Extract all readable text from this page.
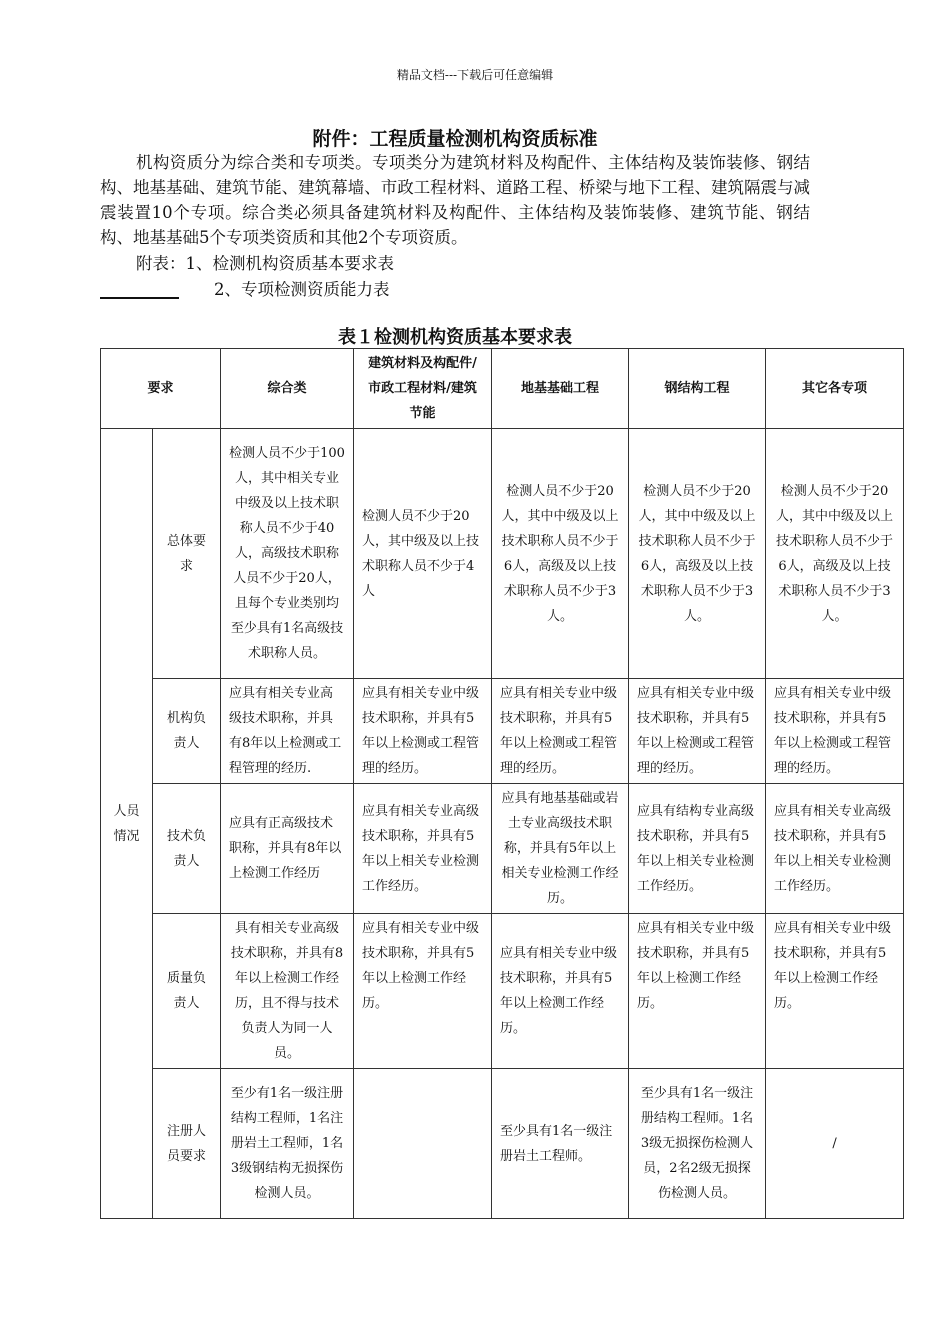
精品文档---下载后可任意编辑
附件：工程质量检测机构资质标准

机构资质分为综合类和专项类。专项类分为建筑材料及构配件、主体结构及装饰装修、钢结构、地基基础、建筑节能、建筑幕墙、市政工程材料、道路工程、桥梁与地下工程、建筑隔震与减震装置10个专项。综合类必须具备建筑材料及构配件、主体结构及装饰装修、建筑节能、钢结构、地基基础5个专项类资质和其他2个专项资质。

附表：1、检测机构资质基本要求表
2、专项检测资质能力表
表１检测机构资质基本要求表
要求		综合类	建筑材料及构配件/市政工程材料/建筑节能	地基基础工程	钢结构工程	其它各专项
人员情况	总体要求	检测人员不少于100人，其中相关专业中级及以上技术职称人员不少于40人，高级技术职称人员不少于20人，且每个专业类别均至少具有1名高级技术职称人员。	检测人员不少于20人，其中级及以上技术职称人员不少于4人	检测人员不少于20人，其中中级及以上技术职称人员不少于6人，高级及以上技术职称人员不少于3人。	检测人员不少于20人，其中中级及以上技术职称人员不少于6人，高级及以上技术职称人员不少于3人。	检测人员不少于20人，其中中级及以上技术职称人员不少于6人，高级及以上技术职称人员不少于3人。
	机构负责人	应具有相关专业高级技术职称，并具有8年以上检测或工程管理的经历.	应具有相关专业中级技术职称，并具有5年以上检测或工程管理的经历。	应具有相关专业中级技术职称，并具有5年以上检测或工程管理的经历。	应具有相关专业中级技术职称，并具有5年以上检测或工程管理的经历。	应具有相关专业中级技术职称，并具有5年以上检测或工程管理的经历。
	技术负责人	应具有正高级技术职称，并具有8年以上检测工作经历	应具有相关专业高级技术职称，并具有5年以上相关专业检测工作经历。	应具有地基基础或岩土专业高级技术职称，并具有5年以上相关专业检测工作经历。	应具有结构专业高级技术职称，并具有5年以上相关专业检测工作经历。	应具有相关专业高级技术职称，并具有5年以上相关专业检测工作经历。
	质量负责人	具有相关专业高级技术职称，并具有8年以上检测工作经历，且不得与技术负责人为同一人员。	应具有相关专业中级技术职称，并具有5年以上检测工作经历。	应具有相关专业中级技术职称，并具有5年以上检测工作经历。	应具有相关专业中级技术职称，并具有5年以上检测工作经历。	应具有相关专业中级技术职称，并具有5年以上检测工作经历。
	注册人员要求	至少有1名一级注册结构工程师，1名注册岩土工程师，1名3级钢结构无损探伤检测人员。		至少具有1名一级注册岩土工程师。	至少具有1名一级注册结构工程师。1名3级无损探伤检测人员，2名2级无损探伤检测人员。	/
